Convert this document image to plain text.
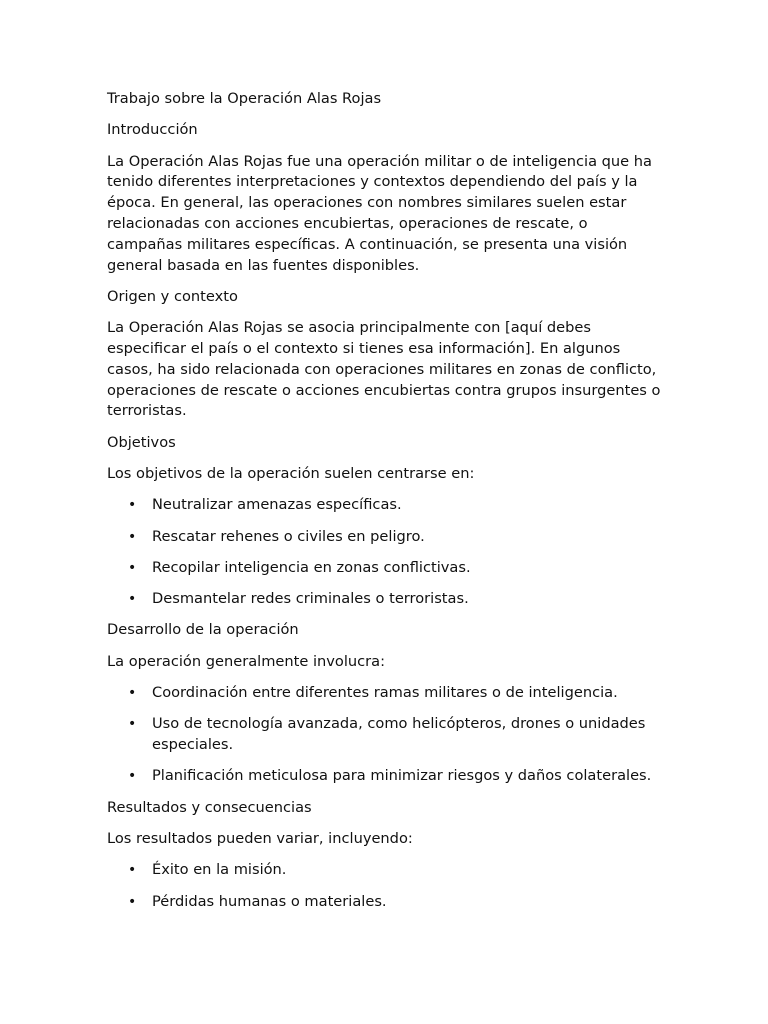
Trabajo sobre la Operación Alas Rojas

Introducción

La Operación Alas Rojas fue una operación militar o de inteligencia que ha tenido diferentes interpretaciones y contextos dependiendo del país y la época. En general, las operaciones con nombres similares suelen estar relacionadas con acciones encubiertas, operaciones de rescate, o campañas militares específicas. A continuación, se presenta una visión general basada en las fuentes disponibles.

Origen y contexto

La Operación Alas Rojas se asocia principalmente con [aquí debes especificar el país o el contexto si tienes esa información]. En algunos casos, ha sido relacionada con operaciones militares en zonas de conflicto, operaciones de rescate o acciones encubiertas contra grupos insurgentes o terroristas.

Objetivos

Los objetivos de la operación suelen centrarse en:

• Neutralizar amenazas específicas.
• Rescatar rehenes o civiles en peligro.
• Recopilar inteligencia en zonas conflictivas.
• Desmantelar redes criminales o terroristas.

Desarrollo de la operación

La operación generalmente involucra:

• Coordinación entre diferentes ramas militares o de inteligencia.
• Uso de tecnología avanzada, como helicópteros, drones o unidades especiales.
• Planificación meticulosa para minimizar riesgos y daños colaterales.

Resultados y consecuencias

Los resultados pueden variar, incluyendo:

• Éxito en la misión.
• Pérdidas humanas o materiales.
